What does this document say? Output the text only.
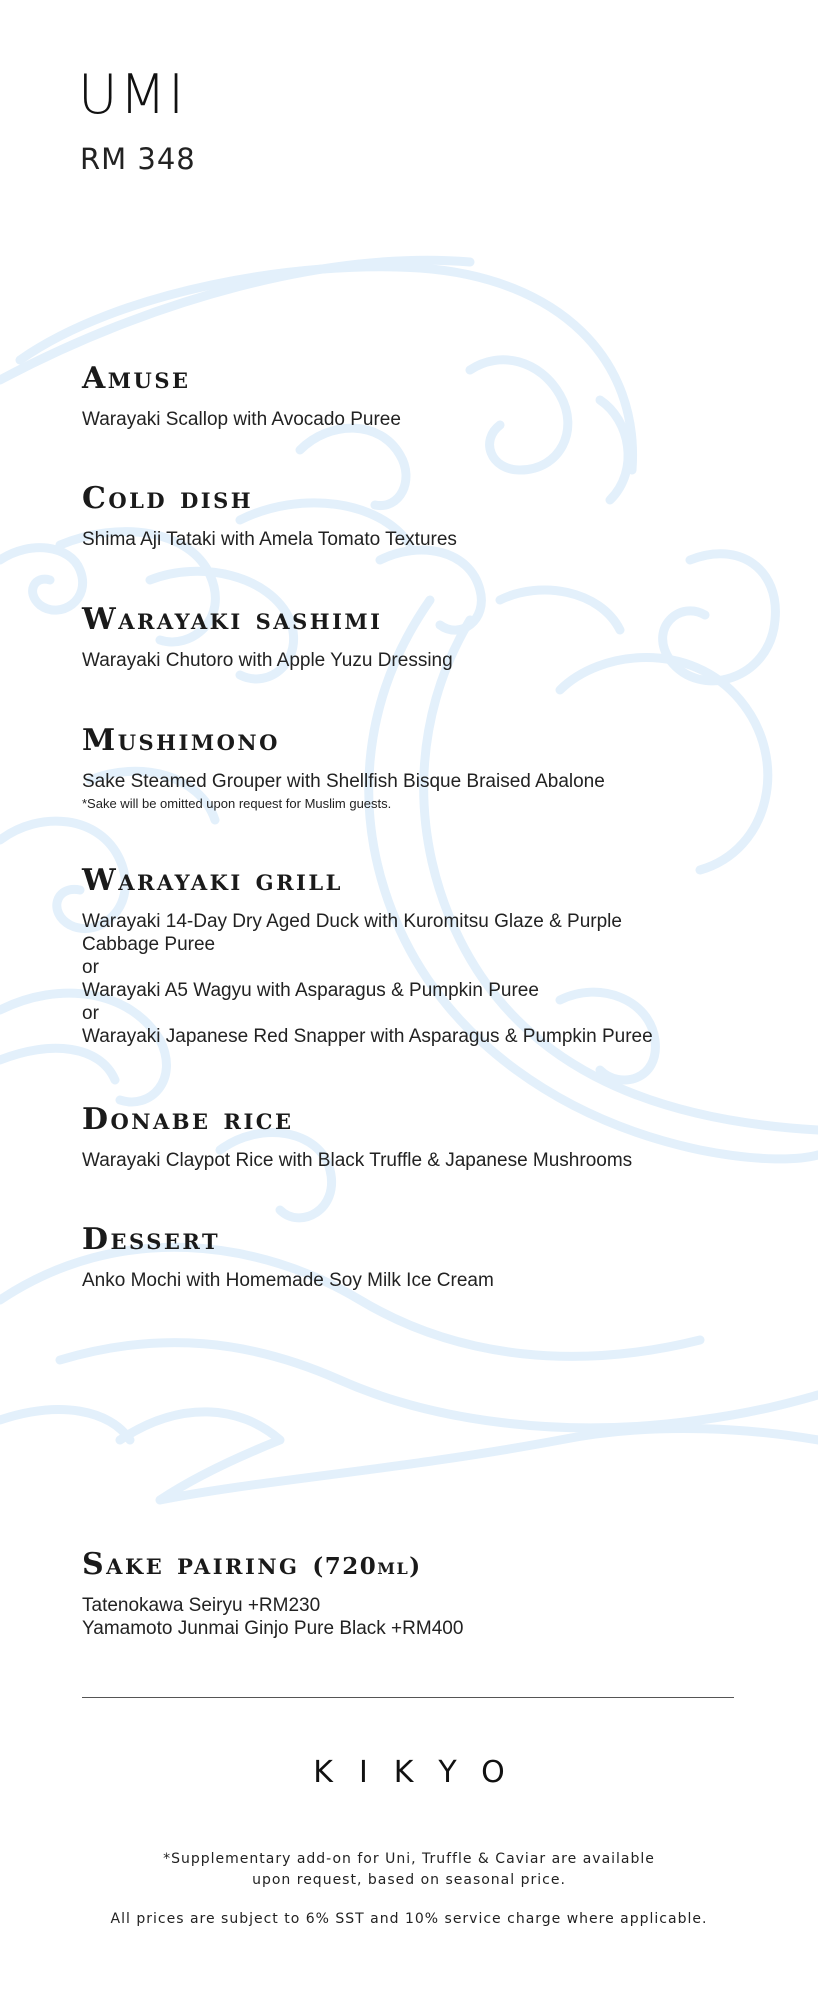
UMI
RM 348
Amuse

Warayaki Scallop with Avocado Puree

Cold dish

Shima Aji Tataki with Amela Tomato Textures

Warayaki sashimi

Warayaki Chutoro with Apple Yuzu Dressing

Mushimono

Sake Steamed Grouper with Shellfish Bisque Braised Abalone

*Sake will be omitted upon request for Muslim guests.

Warayaki grill

Warayaki 14-Day Dry Aged Duck with Kuromitsu Glaze & Purple

Cabbage Puree

or

Warayaki A5 Wagyu with Asparagus & Pumpkin Puree

or

Warayaki Japanese Red Snapper with Asparagus & Pumpkin Puree

Donabe rice

Warayaki Claypot Rice with Black Truffle & Japanese Mushrooms

Dessert

Anko Mochi with Homemade Soy Milk Ice Cream

Sake pairing (720ml)

Tatenokawa Seiryu +RM230

Yamamoto Junmai Ginjo Pure Black +RM400

KIKYO

*Supplementary add-on for Uni, Truffle & Caviar are available

upon request, based on seasonal price.

All prices are subject to 6% SST and 10% service charge where applicable.
